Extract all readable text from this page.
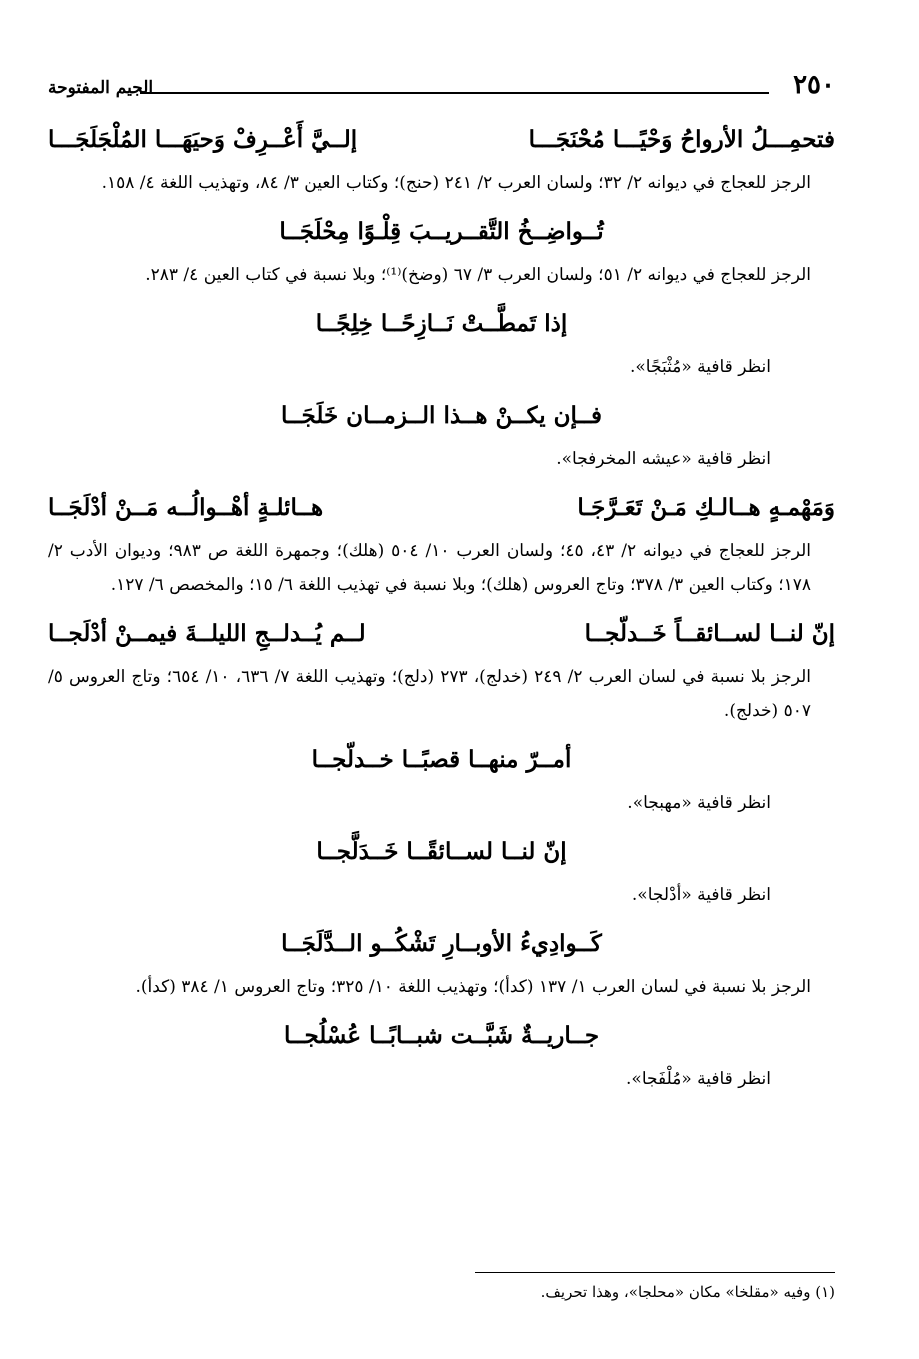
٢٥٠
الجيم المفتوحة
فتحمِـــلُ الأرواحُ وَحْيًـــا مُحْنَجَـــا
إلــيَّ أَعْــرِفْ وَحيَهَـــا المُلْجَلَجَـــا

الرجز للعجاج في ديوانه ٢/ ٣٢؛ ولسان العرب ٢/ ٢٤١ (حنج)؛ وكتاب العين ٣/ ٨٤، وتهذيب اللغة ٤/ ١٥٨.

تُــواضِــخُ التَّقــريــبَ قِلْـوًا مِحْلَجَــا

الرجز للعجاج في ديوانه ٢/ ٥١؛ ولسان العرب ٣/ ٦٧ (وضخ)⁽¹⁾؛ وبلا نسبة في كتاب العين ٤/ ٢٨٣.

إذا تَمطَّــتْ نَــازِحًــا خِلِجًــا

انظر قافية «مُثْبَجًا».

فــإن يكــنْ هــذا الــزمــان خَلَجَــا

انظر قافية «عيشه المخرفجا».

وَمَهْمـهٍ هــالـكِ مَـنْ تَعَـرَّجَـا
هــائلـةٍ أهْــوالُــه مَــنْ أدْلَجَــا

الرجز للعجاج في ديوانه ٢/ ٤٣، ٤٥؛ ولسان العرب ١٠/ ٥٠٤ (هلك)؛ وجمهرة اللغة ص ٩٨٣؛ وديوان الأدب ٢/ ١٧٨؛ وكتاب العين ٣/ ٣٧٨؛ وتاج العروس (هلك)؛ وبلا نسبة في تهذيب اللغة ٦/ ١٥؛ والمخصص ٦/ ١٢٧.

إنّ لنــا لســائقــاً خَــدلّجــا
لــم يُــدلــجِ الليلــةَ فيمــنْ أدْلَجــا

الرجز بلا نسبة في لسان العرب ٢/ ٢٤٩ (خدلج)، ٢٧٣ (دلج)؛ وتهذيب اللغة ٧/ ٦٣٦، ١٠/ ٦٥٤؛ وتاج العروس ٥/ ٥٠٧ (خدلج).

أمــرّ منهــا قصبًــا خــدلّجــا

انظر قافية «مهبجا».

إنّ لنــا لســائقًــا خَــدَلَّجــا

انظر قافية «أدْلجا».

كَــوادِيءُ الأوبــارِ تَشْكُــو الــدَّلَجَــا

الرجز بلا نسبة في لسان العرب ١/ ١٣٧ (كدأ)؛ وتهذيب اللغة ١٠/ ٣٢٥؛ وتاج العروس ١/ ٣٨٤ (كدأ).

جــاريــةٌ شَبَّــت شبــابًــا عُسْلُجــا

انظر قافية «مُلْفَجا».

(١) وفيه «مقلخا» مكان «محلجا»، وهذا تحريف.
